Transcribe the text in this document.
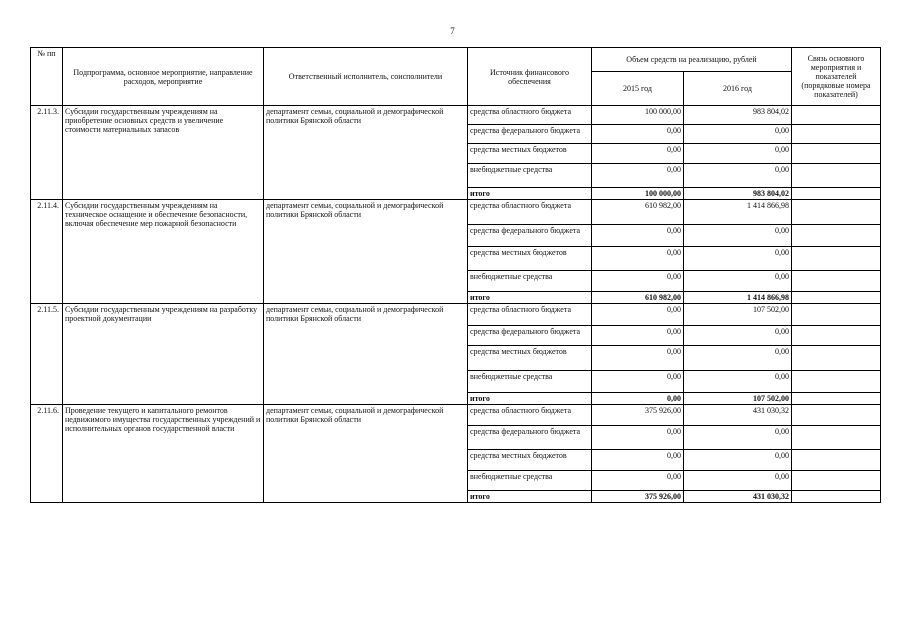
7
№ пп	Подпрограмма, основное мероприятие, направление расходов, мероприятие	Ответственный исполнитель, соисполнители	Источник финансового обеспечения	Объем средств на реализацию, рублей		Связь основного мероприятия и показателей (порядковые номера показателей)
				2015 год	2016 год	
2.11.3.	Субсидии государственным учреждениям на приобретение основных средств и увеличение стоимости материальных запасов	департамент семьи, социальной и демографической политики Брянской области	средства областного бюджета	100 000,00	983 804,02	
			средства федерального бюджета	0,00	0,00	
			средства местных бюджетов	0,00	0,00	
			внебюджетные средства	0,00	0,00	
			итого	100 000,00	983 804,02	
2.11.4.	Субсидии государственным учреждениям на техническое оснащение и обеспечение безопасности, включая обеспечение мер пожарной безопасности	департамент семьи, социальной и демографической политики Брянской области	средства областного бюджета	610 982,00	1 414 866,98	
			средства федерального бюджета	0,00	0,00	
			средства местных бюджетов	0,00	0,00	
			внебюджетные средства	0,00	0,00	
			итого	610 982,00	1 414 866,98	
2.11.5.	Субсидии государственным учреждениям на разработку проектной документации	департамент семьи, социальной и демографической политики Брянской области	средства областного бюджета	0,00	107 502,00	
			средства федерального бюджета	0,00	0,00	
			средства местных бюджетов	0,00	0,00	
			внебюджетные средства	0,00	0,00	
			итого	0,00	107 502,00	
2.11.6.	Проведение текущего и капитального ремонтов недвижимого имущества государственных учреждений и исполнительных органов государственной власти	департамент семьи, социальной и демографической политики Брянской области	средства областного бюджета	375 926,00	431 030,32	
			средства федерального бюджета	0,00	0,00	
			средства местных бюджетов	0,00	0,00	
			внебюджетные средства	0,00	0,00	
			итого	375 926,00	431 030,32	
